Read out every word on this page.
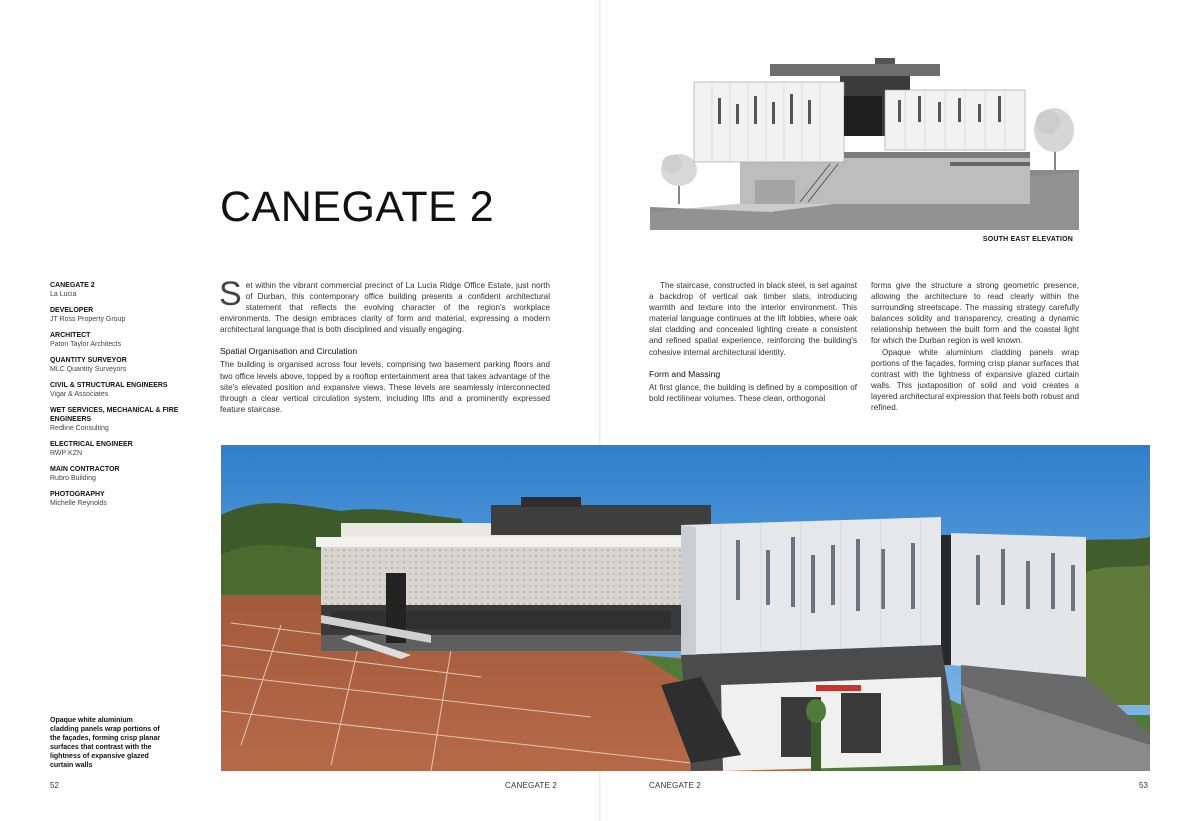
CANEGATE 2
CANEGATE 2
La Lucia
DEVELOPER
JT Ross Property Group
ARCHITECT
Paton Taylor Architects
QUANTITY SURVEYOR
MLC Quantity Surveyors
CIVIL & STRUCTURAL ENGINEERS
Vigar & Associates
WET SERVICES, MECHANICAL & FIRE ENGINEERS
Redline Consulting
ELECTRICAL ENGINEER
RWP KZN
MAIN CONTRACTOR
Rubro Building
PHOTOGRAPHY
Michelle Reynolds

Set within the vibrant commercial precinct of La Lucia Ridge Office Estate, just north of Durban, this contemporary office building presents a confident architectural statement that reflects the evolving character of the region's workplace environments. The design embraces clarity of form and material, expressing a modern architectural language that is both disciplined and visually engaging.

Spatial Organisation and Circulation

The building is organised across four levels, comprising two basement parking floors and two office levels above, topped by a rooftop entertainment area that takes advantage of the site's elevated position and expansive views. These levels are seamlessly interconnected through a clear vertical circulation system, including lifts and a prominently expressed feature staircase.

The staircase, constructed in black steel, is set against a backdrop of vertical oak timber slats, introducing warmth and texture into the interior environment. This material language continues at the lift lobbies, where oak slat cladding and concealed lighting create a consistent and refined spatial experience, reinforcing the building's cohesive internal architectural identity.

Form and Massing

At first glance, the building is defined by a composition of bold rectilinear volumes. These clean, orthogonal

forms give the structure a strong geometric presence, allowing the architecture to read clearly within the surrounding streetscape. The massing strategy carefully balances solidity and transparency, creating a dynamic relationship between the built form and the coastal light for which the Durban region is well known.

Opaque white aluminium cladding panels wrap portions of the façades, forming crisp planar surfaces that contrast with the lightness of expansive glazed curtain walls. This juxtaposition of solid and void creates a layered architectural expression that feels both robust and refined.

SOUTH EAST ELEVATION
Opaque white aluminium cladding panels wrap portions of the façades, forming crisp planar surfaces that contrast with the lightness of expansive glazed curtain walls
52	CANEGATE 2	CANEGATE 2	53
